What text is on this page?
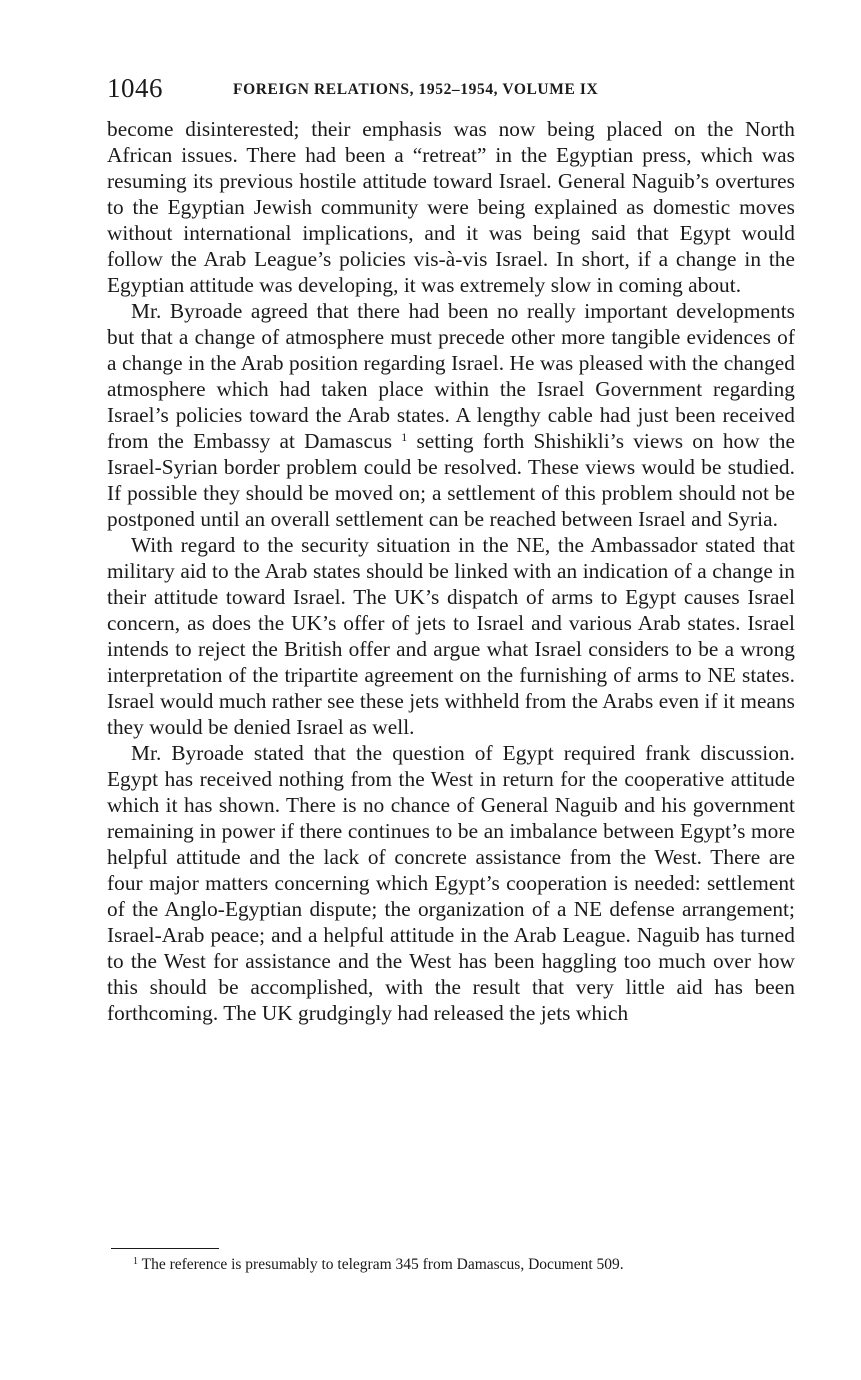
1046	FOREIGN RELATIONS, 1952–1954, VOLUME IX

become disinterested; their emphasis was now being placed on the North African issues. There had been a “retreat” in the Egyptian press, which was resuming its previous hostile attitude toward Israel. General Naguib’s overtures to the Egyptian Jewish community were being explained as domestic moves without international implications, and it was being said that Egypt would follow the Arab League’s policies vis-à-vis Israel. In short, if a change in the Egyptian attitude was developing, it was extremely slow in coming about.

Mr. Byroade agreed that there had been no really important developments but that a change of atmosphere must precede other more tangible evidences of a change in the Arab position regarding Israel. He was pleased with the changed atmosphere which had taken place within the Israel Government regarding Israel’s policies toward the Arab states. A lengthy cable had just been received from the Embassy at Damascus $^1$ setting forth Shishikli’s views on how the Israel-Syrian border problem could be resolved. These views would be studied. If possible they should be moved on; a settlement of this problem should not be postponed until an overall settlement can be reached between Israel and Syria.

With regard to the security situation in the NE, the Ambassador stated that military aid to the Arab states should be linked with an indication of a change in their attitude toward Israel. The UK’s dispatch of arms to Egypt causes Israel concern, as does the UK’s offer of jets to Israel and various Arab states. Israel intends to reject the British offer and argue what Israel considers to be a wrong interpretation of the tripartite agreement on the furnishing of arms to NE states. Israel would much rather see these jets withheld from the Arabs even if it means they would be denied Israel as well.

Mr. Byroade stated that the question of Egypt required frank discussion. Egypt has received nothing from the West in return for the cooperative attitude which it has shown. There is no chance of General Naguib and his government remaining in power if there continues to be an imbalance between Egypt’s more helpful attitude and the lack of concrete assistance from the West. There are four major matters concerning which Egypt’s cooperation is needed: settlement of the Anglo-Egyptian dispute; the organization of a NE defense arrangement; Israel-Arab peace; and a helpful attitude in the Arab League. Naguib has turned to the West for assistance and the West has been haggling too much over how this should be accomplished, with the result that very little aid has been forthcoming. The UK grudgingly had released the jets which

$^1$ The reference is presumably to telegram 345 from Damascus, Document 509.
